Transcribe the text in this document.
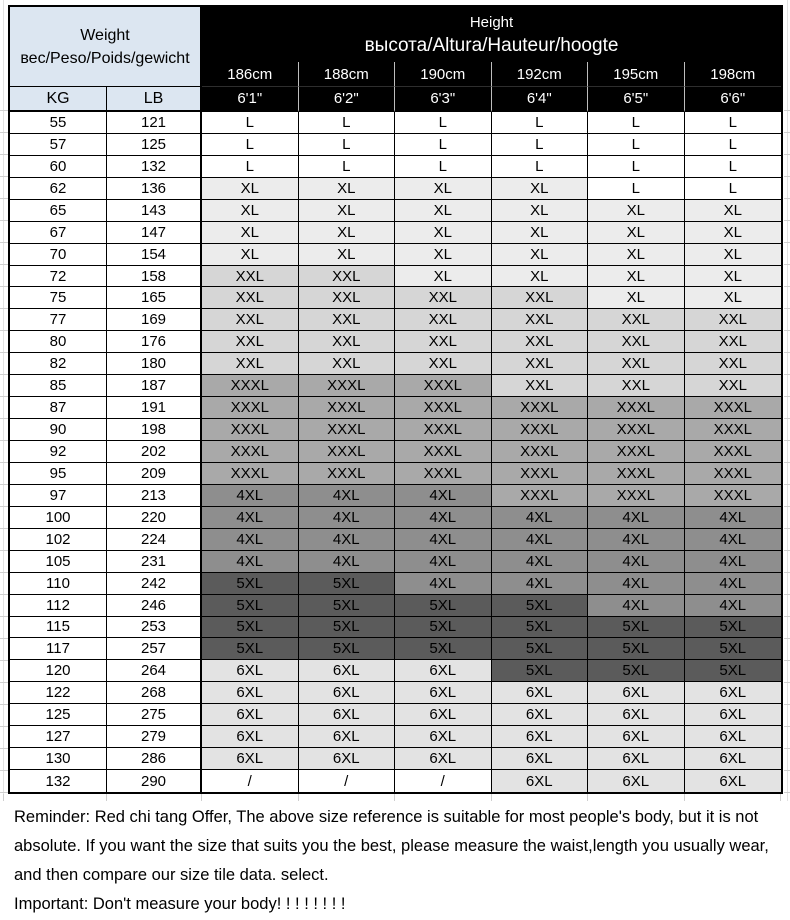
Weight
вес/Peso/Poids/gewicht
Height
высота/Altura/Hauteur/hoogte
KG	LB
186cm
6'1"
188cm
6'2"
190cm
6'3"
192cm
6'4"
195cm
6'5"
198cm
6'6"
55	121	L	L	L	L	L	L
57	125	L	L	L	L	L	L
60	132	L	L	L	L	L	L
62	136	XL	XL	XL	XL	L	L
65	143	XL	XL	XL	XL	XL	XL
67	147	XL	XL	XL	XL	XL	XL
70	154	XL	XL	XL	XL	XL	XL
72	158	XXL	XXL	XL	XL	XL	XL
75	165	XXL	XXL	XXL	XXL	XL	XL
77	169	XXL	XXL	XXL	XXL	XXL	XXL
80	176	XXL	XXL	XXL	XXL	XXL	XXL
82	180	XXL	XXL	XXL	XXL	XXL	XXL
85	187	XXXL	XXXL	XXXL	XXL	XXL	XXL
87	191	XXXL	XXXL	XXXL	XXXL	XXXL	XXXL
90	198	XXXL	XXXL	XXXL	XXXL	XXXL	XXXL
92	202	XXXL	XXXL	XXXL	XXXL	XXXL	XXXL
95	209	XXXL	XXXL	XXXL	XXXL	XXXL	XXXL
97	213	4XL	4XL	4XL	XXXL	XXXL	XXXL
100	220	4XL	4XL	4XL	4XL	4XL	4XL
102	224	4XL	4XL	4XL	4XL	4XL	4XL
105	231	4XL	4XL	4XL	4XL	4XL	4XL
110	242	5XL	5XL	4XL	4XL	4XL	4XL
112	246	5XL	5XL	5XL	5XL	4XL	4XL
115	253	5XL	5XL	5XL	5XL	5XL	5XL
117	257	5XL	5XL	5XL	5XL	5XL	5XL
120	264	6XL	6XL	6XL	5XL	5XL	5XL
122	268	6XL	6XL	6XL	6XL	6XL	6XL
125	275	6XL	6XL	6XL	6XL	6XL	6XL
127	279	6XL	6XL	6XL	6XL	6XL	6XL
130	286	6XL	6XL	6XL	6XL	6XL	6XL
132	290	/	/	/	6XL	6XL	6XL
Reminder: Red chi tang Offer, The above size reference is suitable for most people's body, but it is not
absolute. If you want the size that suits you the best, please measure the waist,length you usually wear,
and then compare our size tile data. select.
Important: Don't measure your body! ! ! ! ! ! ! !
